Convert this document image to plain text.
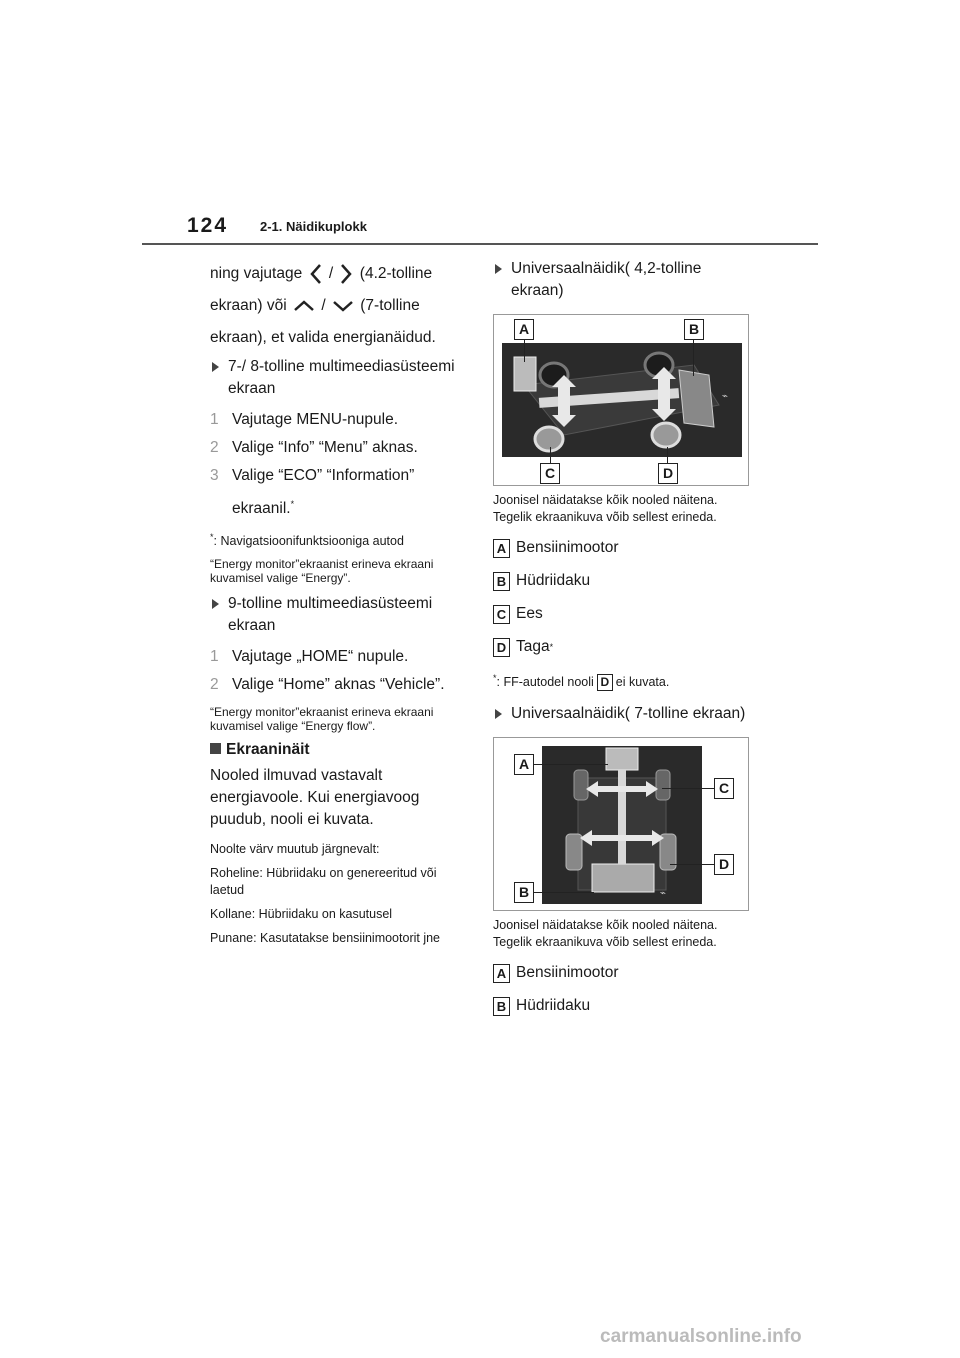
124 2-1. Näidikuplokk
ning vajutage / (4.2-tolline
ekraan) või / (7-tolline
ekraan), et valida energianäidud.
7-/ 8-tolline multimeediasüsteemi ekraan
1 Vajutage MENU-nupule.
2 Valige “Info” “Menu” aknas.
3 Valige “ECO” “Information” ekraanil.*
*: Navigatsioonifunktsiooniga autod
“Energy monitor”ekraanist erineva ekraani kuvamisel valige “Energy”.
9-tolline multimeediasüsteemi ekraan
1 Vajutage „HOME“ nupule.
2 Valige “Home” aknas “Vehicle”.
“Energy monitor”ekraanist erineva ekraani kuvamisel valige “Energy flow”.
Ekraaninäit
Nooled ilmuvad vastavalt energiavoole. Kui energiavoog puudub, nooli ei kuvata.
Noolte värv muutub järgnevalt:
Roheline: Hübriidaku on genereeritud või laetud
Kollane: Hübriidaku on kasutusel
Punane: Kasutatakse bensiinimootorit jne
Universaalnäidik( 4,2-tolline ekraan)
⌁
A	B
C	D
Joonisel näidatakse kõik nooled näitena. Tegelik ekraanikuva võib sellest erineda.
A Bensiinimootor
B Hüdriidaku
C Ees
D Taga *
*: FF-autodel nooli D ei kuvata.
Universaalnäidik( 7-tolline ekraan)
⌁
A
C
D
B
Joonisel näidatakse kõik nooled näitena. Tegelik ekraanikuva võib sellest erineda.
A Bensiinimootor
B Hüdriidaku
carmanualsonline.info
